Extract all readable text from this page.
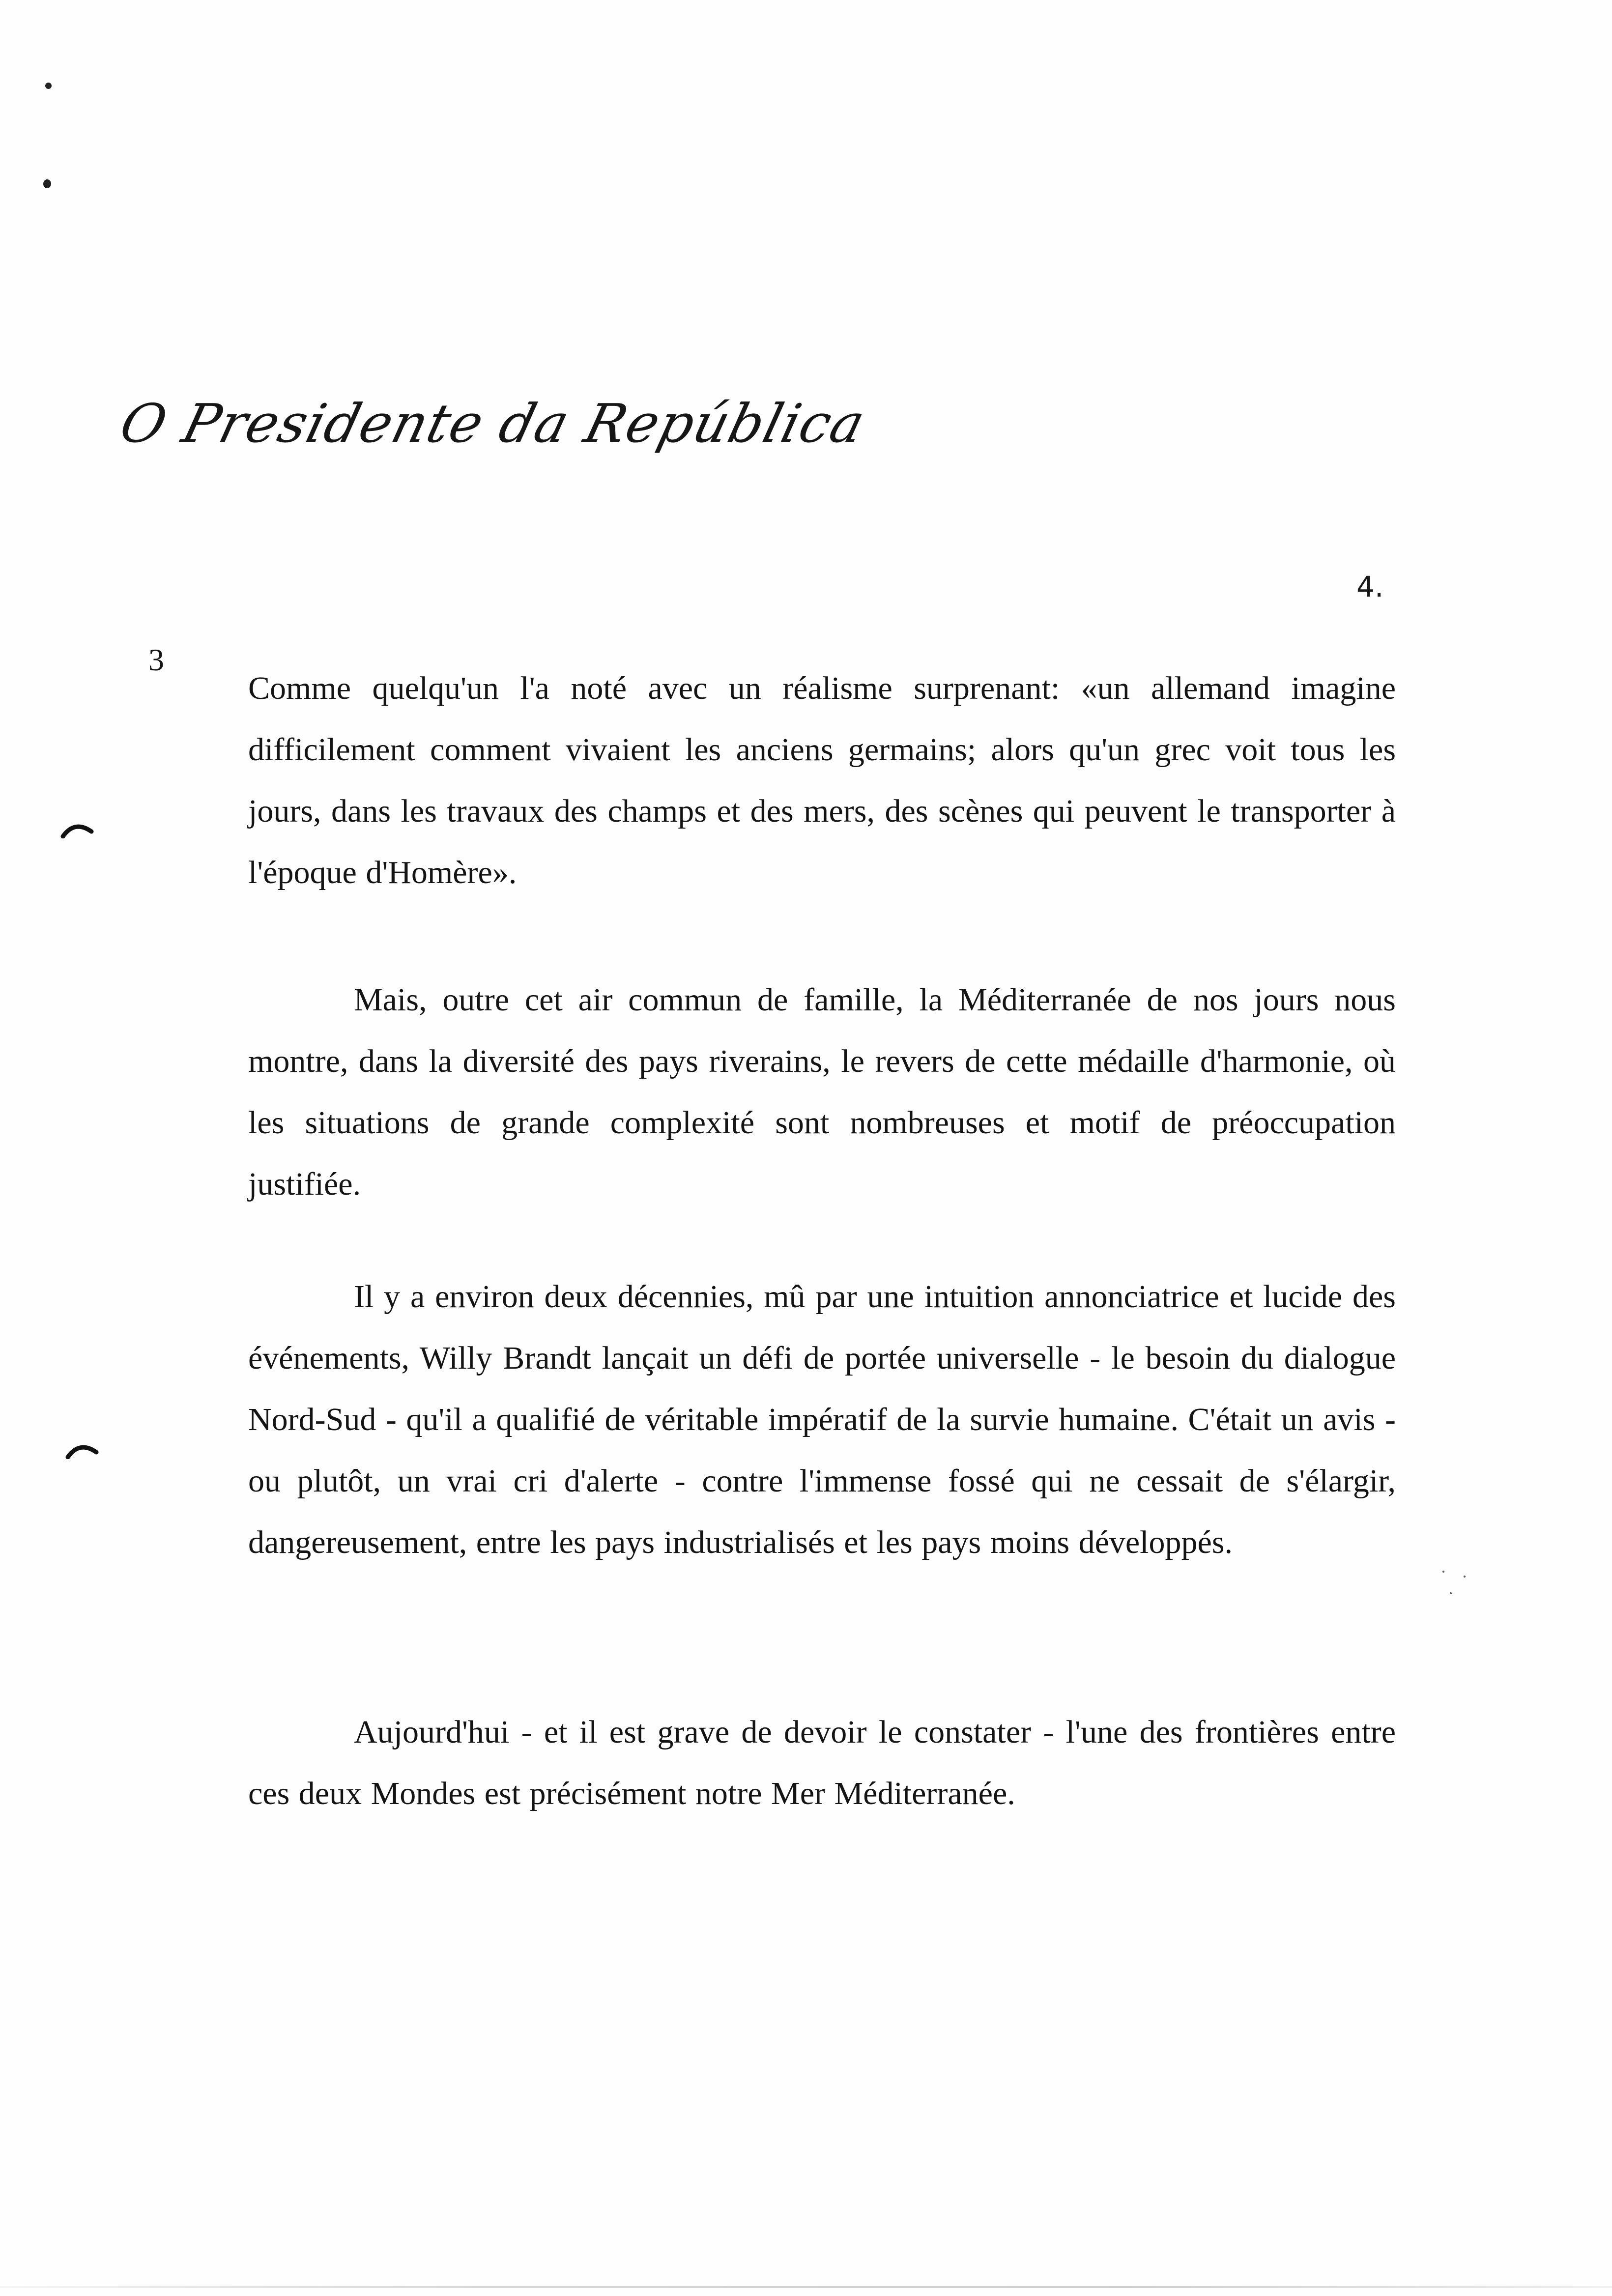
O Presidente da República
4.
3

Comme quelqu'un l'a noté avec un réalisme surprenant: «un allemand imagine difficilement comment vivaient les anciens germains; alors qu'un grec voit tous les jours, dans les travaux des champs et des mers, des scènes qui peuvent le transporter à l'époque d'Homère».

Mais, outre cet air commun de famille, la Méditerranée de nos jours nous montre, dans la diversité des pays riverains, le revers de cette médaille d'harmonie, où les situations de grande complexité sont nombreuses et motif de préoccupation justifiée.

Il y a environ deux décennies, mû par une intuition annonciatrice et lucide des événements, Willy Brandt lançait un défi de portée universelle - le besoin du dialogue Nord-Sud - qu'il a qualifié de véritable impératif de la survie humaine. C'était un avis - ou plutôt, un vrai cri d'alerte - contre l'immense fossé qui ne cessait de s'élargir, dangereusement, entre les pays industrialisés et les pays moins développés.

Aujourd'hui - et il est grave de devoir le constater - l'une des frontières entre ces deux Mondes est précisément notre Mer Méditerranée.
